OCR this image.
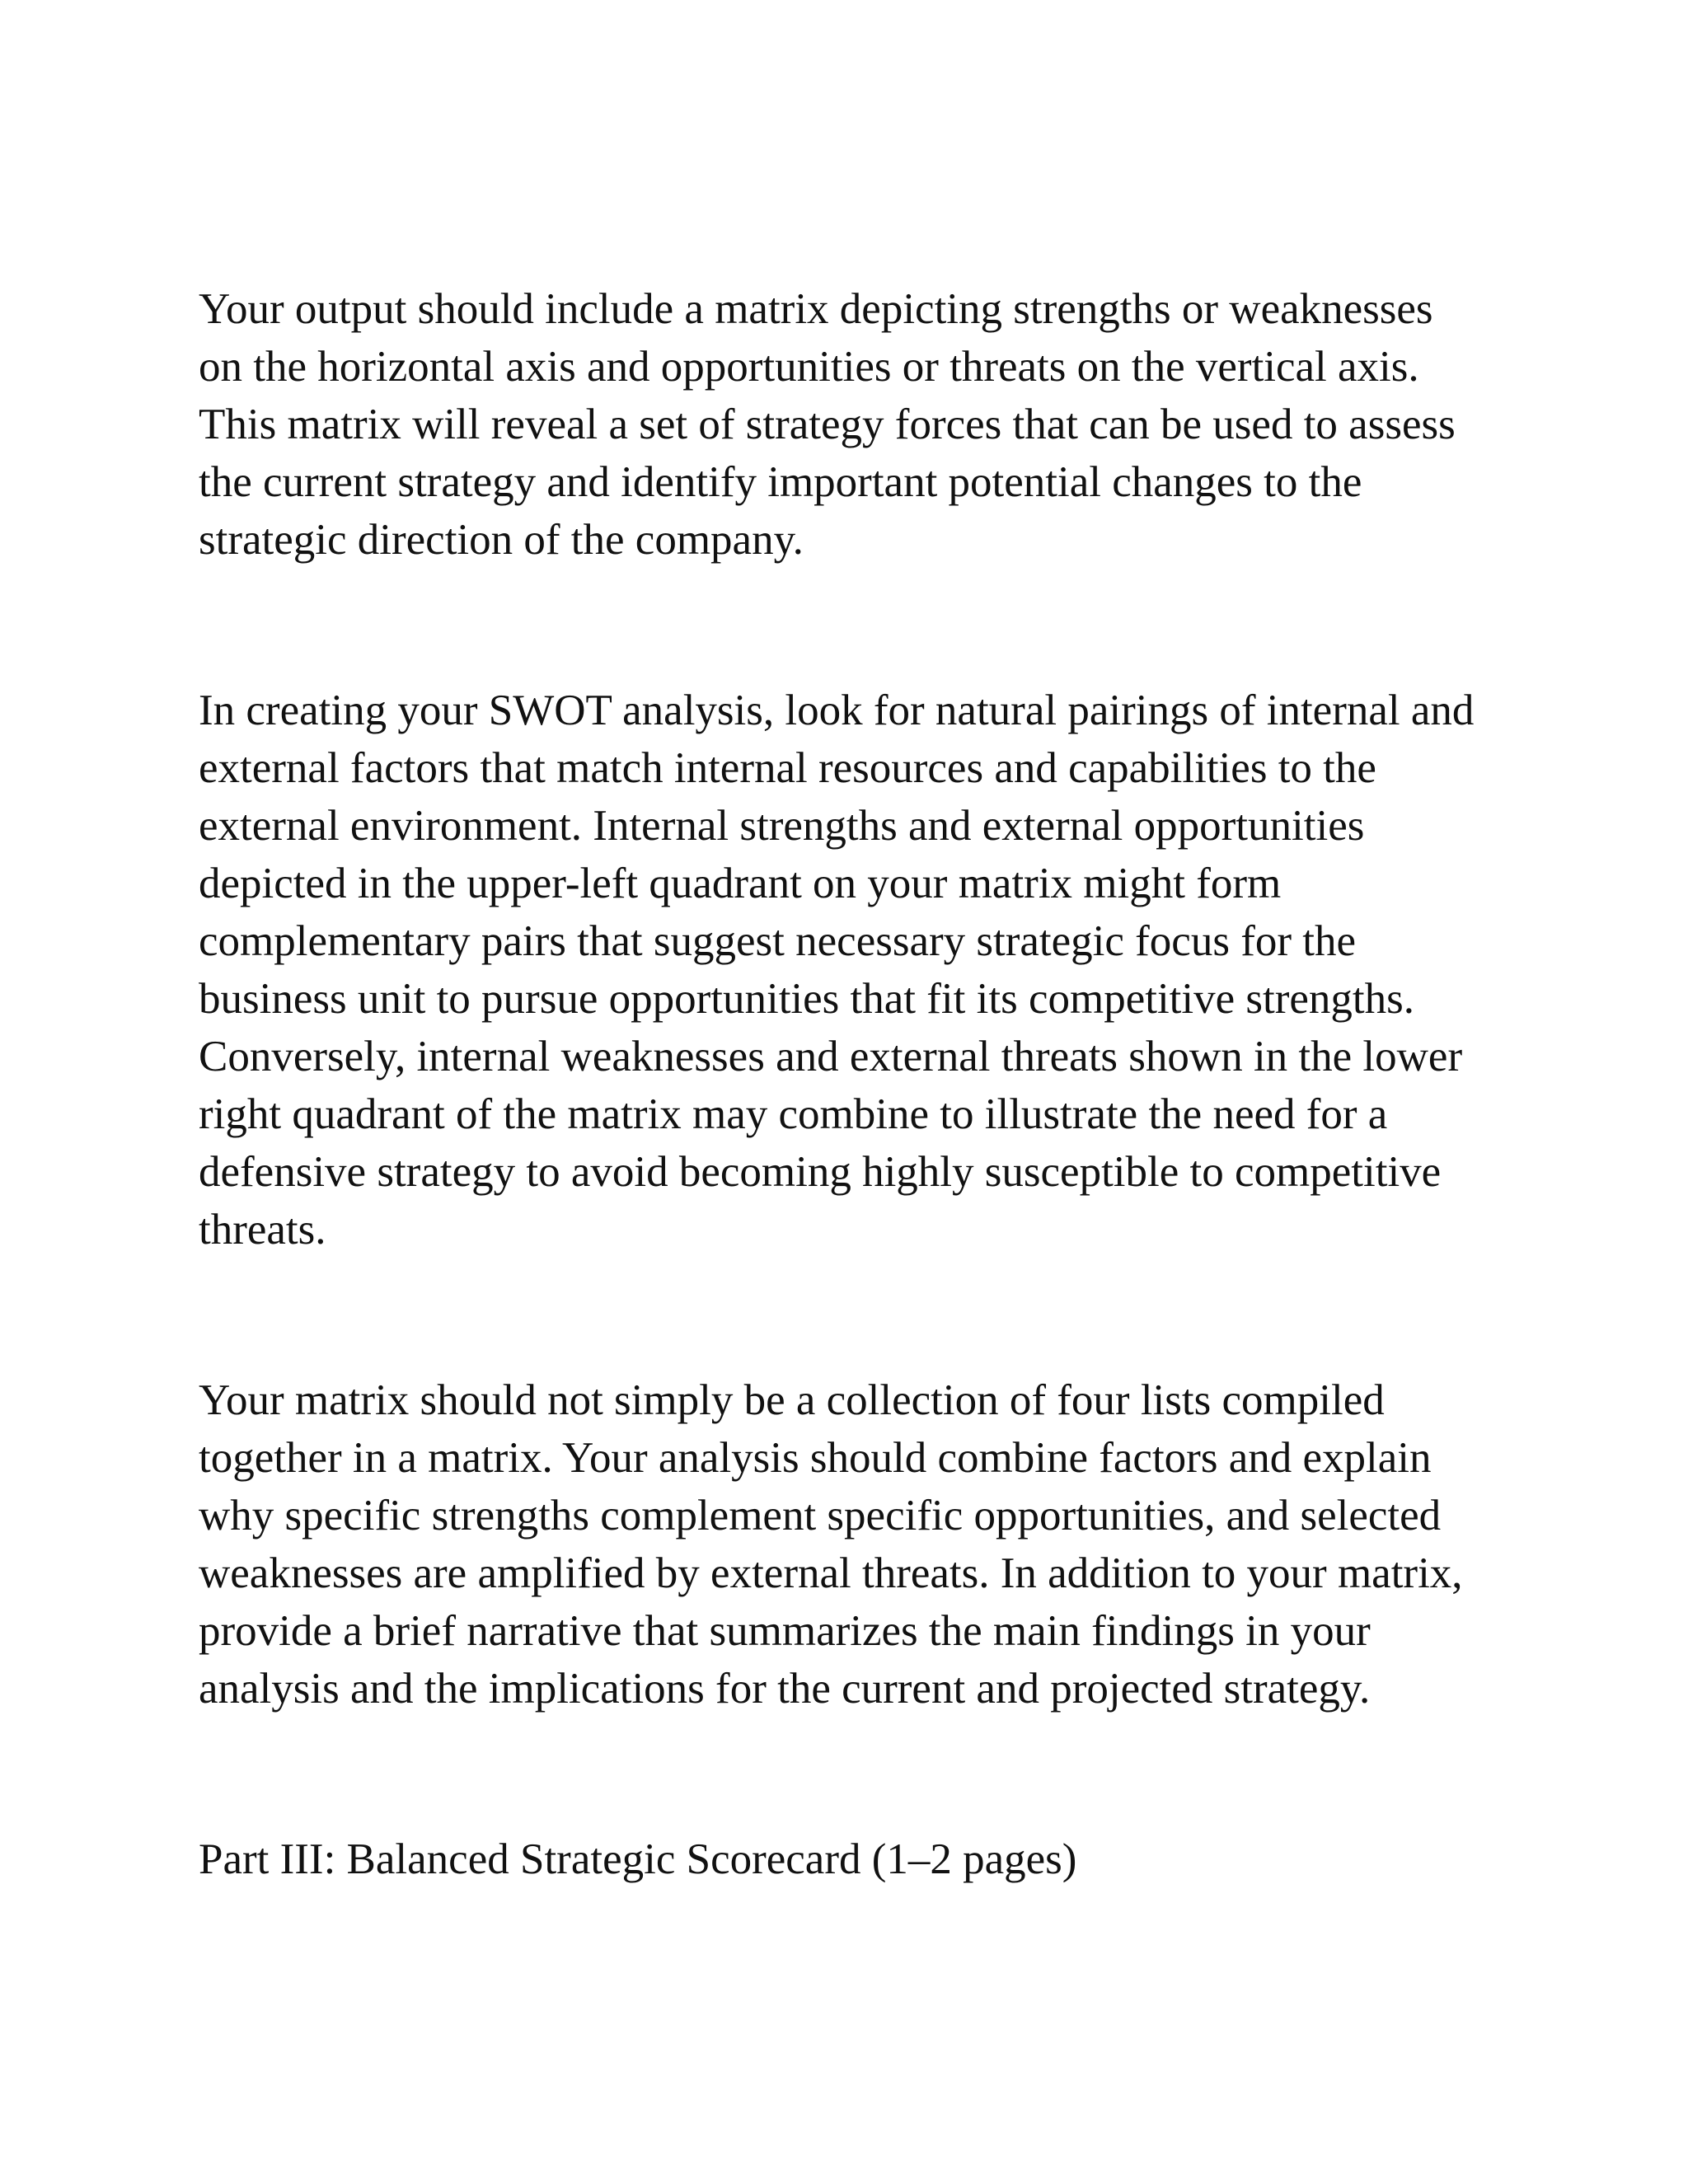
Your output should include a matrix depicting strengths or weaknesses

on the horizontal axis and opportunities or threats on the vertical axis.

This matrix will reveal a set of strategy forces that can be used to assess

the current strategy and identify important potential changes to the

strategic direction of the company.

In creating your SWOT analysis, look for natural pairings of internal and

external factors that match internal resources and capabilities to the

external environment. Internal strengths and external opportunities

depicted in the upper-left quadrant on your matrix might form

complementary pairs that suggest necessary strategic focus for the

business unit to pursue opportunities that fit its competitive strengths.

Conversely, internal weaknesses and external threats shown in the lower

right quadrant of the matrix may combine to illustrate the need for a

defensive strategy to avoid becoming highly susceptible to competitive

threats.

Your matrix should not simply be a collection of four lists compiled

together in a matrix. Your analysis should combine factors and explain

why specific strengths complement specific opportunities, and selected

weaknesses are amplified by external threats. In addition to your matrix,

provide a brief narrative that summarizes the main findings in your

analysis and the implications for the current and projected strategy.

Part III: Balanced Strategic Scorecard (1–2 pages)
